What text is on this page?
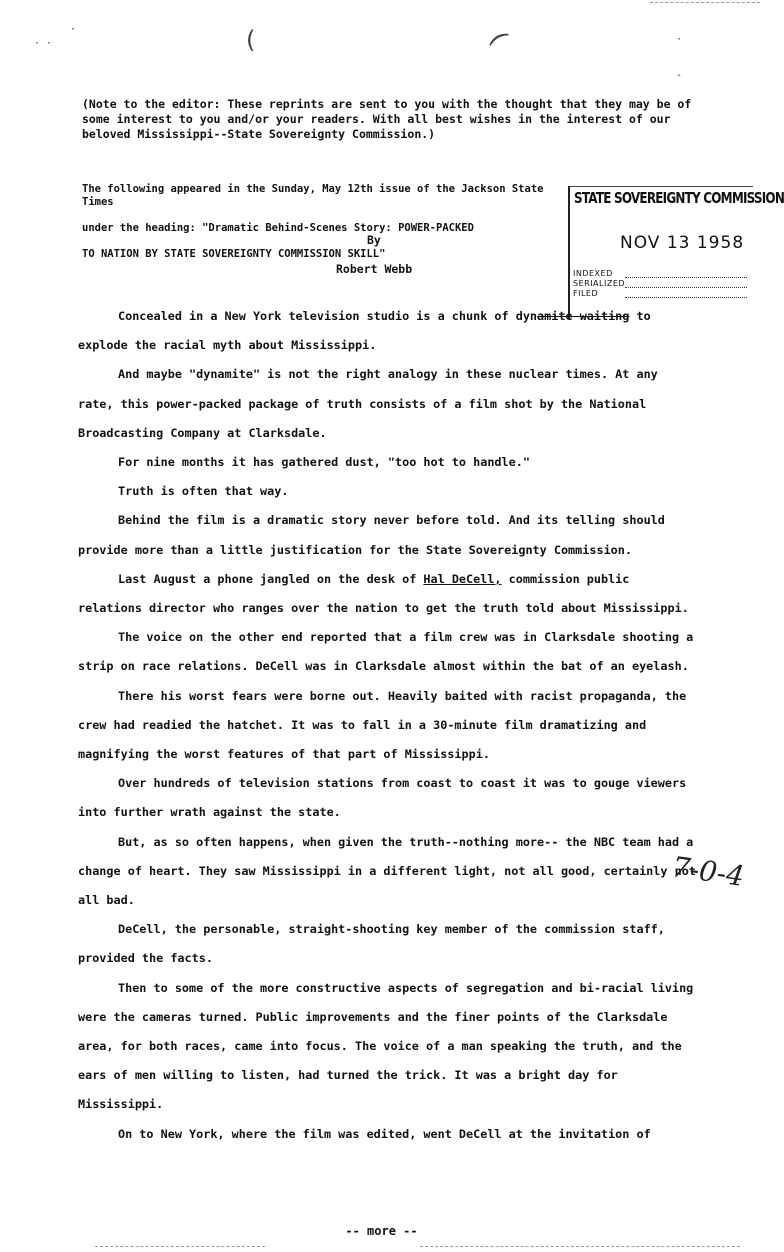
(	(
·
· ·	·
-
(Note to the editor: These reprints are sent to you with the thought that they may be of some interest to you and/or your readers. With all best wishes in the interest of our beloved Mississippi--State Sovereignty Commission.)

The following appeared in the Sunday, May 12th issue of the Jackson State Times

under the heading: "Dramatic Behind-Scenes Story: POWER-PACKED

TO NATION BY STATE SOVEREIGNTY COMMISSION SKILL"

By
Robert Webb
STATE SOVEREIGNTY COMMISSION
NOV 13 1958
INDEXED
SERIALIZED
FILED

Concealed in a New York television studio is a chunk of dynamite waiting to explode the racial myth about Mississippi.

And maybe "dynamite" is not the right analogy in these nuclear times. At any rate, this power-packed package of truth consists of a film shot by the National Broadcasting Company at Clarksdale.

For nine months it has gathered dust, "too hot to handle."

Truth is often that way.

Behind the film is a dramatic story never before told. And its telling should provide more than a little justification for the State Sovereignty Commission.

Last August a phone jangled on the desk of Hal DeCell, commission public relations director who ranges over the nation to get the truth told about Mississippi.

The voice on the other end reported that a film crew was in Clarksdale shooting a strip on race relations. DeCell was in Clarksdale almost within the bat of an eyelash.

There his worst fears were borne out. Heavily baited with racist propaganda, the crew had readied the hatchet. It was to fall in a 30-minute film dramatizing and magnifying the worst features of that part of Mississippi.

Over hundreds of television stations from coast to coast it was to gouge viewers into further wrath against the state.

But, as so often happens, when given the truth--nothing more-- the NBC team had a change of heart. They saw Mississippi in a different light, not all good, certainly not all bad.

DeCell, the personable, straight-shooting key member of the commission staff, provided the facts.

Then to some of the more constructive aspects of segregation and bi-racial living were the cameras turned. Public improvements and the finer points of the Clarksdale area, for both races, came into focus. The voice of a man speaking the truth, and the ears of men willing to listen, had turned the trick. It was a bright day for Mississippi.

On to New York, where the film was edited, went DeCell at the invitation of

7-0-4
-- more --
